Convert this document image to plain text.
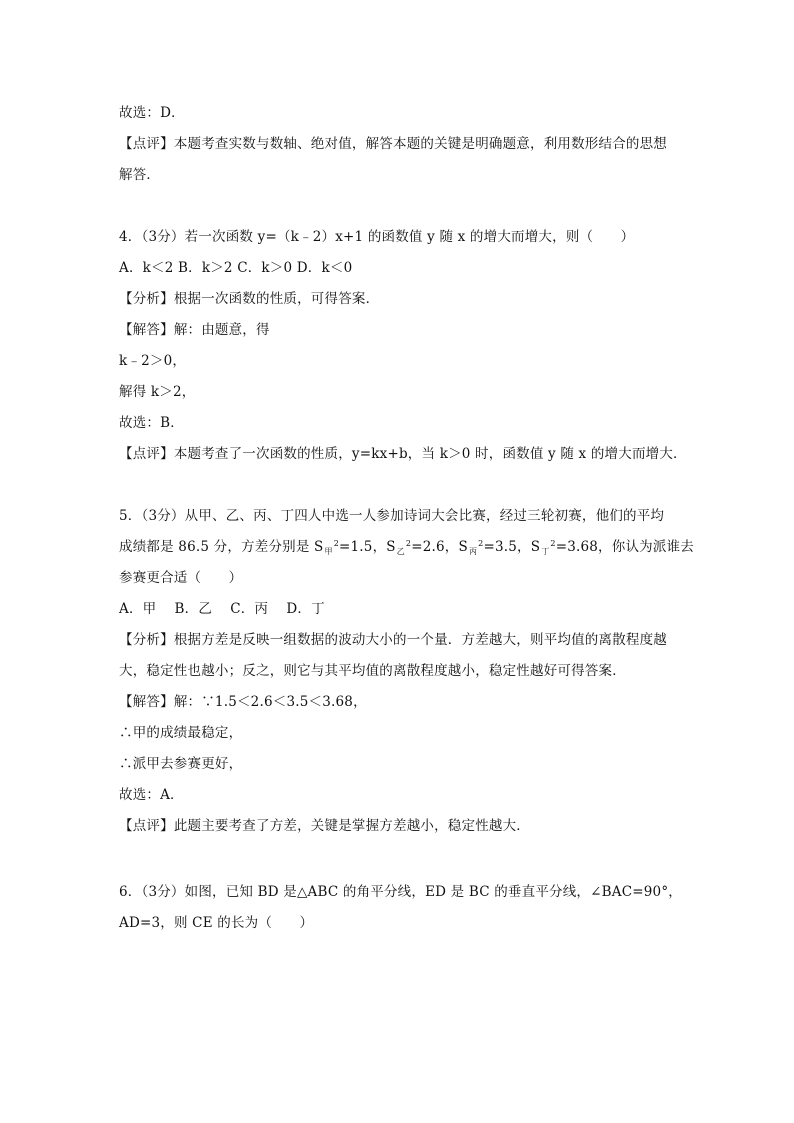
故选：D．
【点评】本题考查实数与数轴、绝对值，解答本题的关键是明确题意，利用数形结合的思想
解答．
4．（3分）若一次函数 y=（k﹣2）x+1 的函数值 y 随 x 的增大而增大，则（　　）
A．k＜2 B．k＞2 C．k＞0 D．k＜0
【分析】根据一次函数的性质，可得答案．
【解答】解：由题意，得
k﹣2＞0，
解得 k＞2，
故选：B．
【点评】本题考查了一次函数的性质，y=kx+b，当 k＞0 时，函数值 y 随 x 的增大而增大．
5．（3分）从甲、乙、丙、丁四人中选一人参加诗词大会比赛，经过三轮初赛，他们的平均
成绩都是 86.5 分，方差分别是 $S_甲^2=1.5$，$S_乙^2=2.6$，$S_丙^2=3.5$，$S_丁^2=3.68$，你认为派谁去
参赛更合适（　　）
A．甲　 B．乙　 C．丙　 D．丁
【分析】根据方差是反映一组数据的波动大小的一个量．方差越大，则平均值的离散程度越
大，稳定性也越小；反之，则它与其平均值的离散程度越小，稳定性越好可得答案．
【解答】解：∵1.5＜2.6＜3.5＜3.68，
∴甲的成绩最稳定，
∴派甲去参赛更好，
故选：A．
【点评】此题主要考查了方差，关键是掌握方差越小，稳定性越大．
6．（3分）如图，已知 BD 是△ABC 的角平分线，ED 是 BC 的垂直平分线，∠BAC=90°，
AD=3，则 CE 的长为（　　）
